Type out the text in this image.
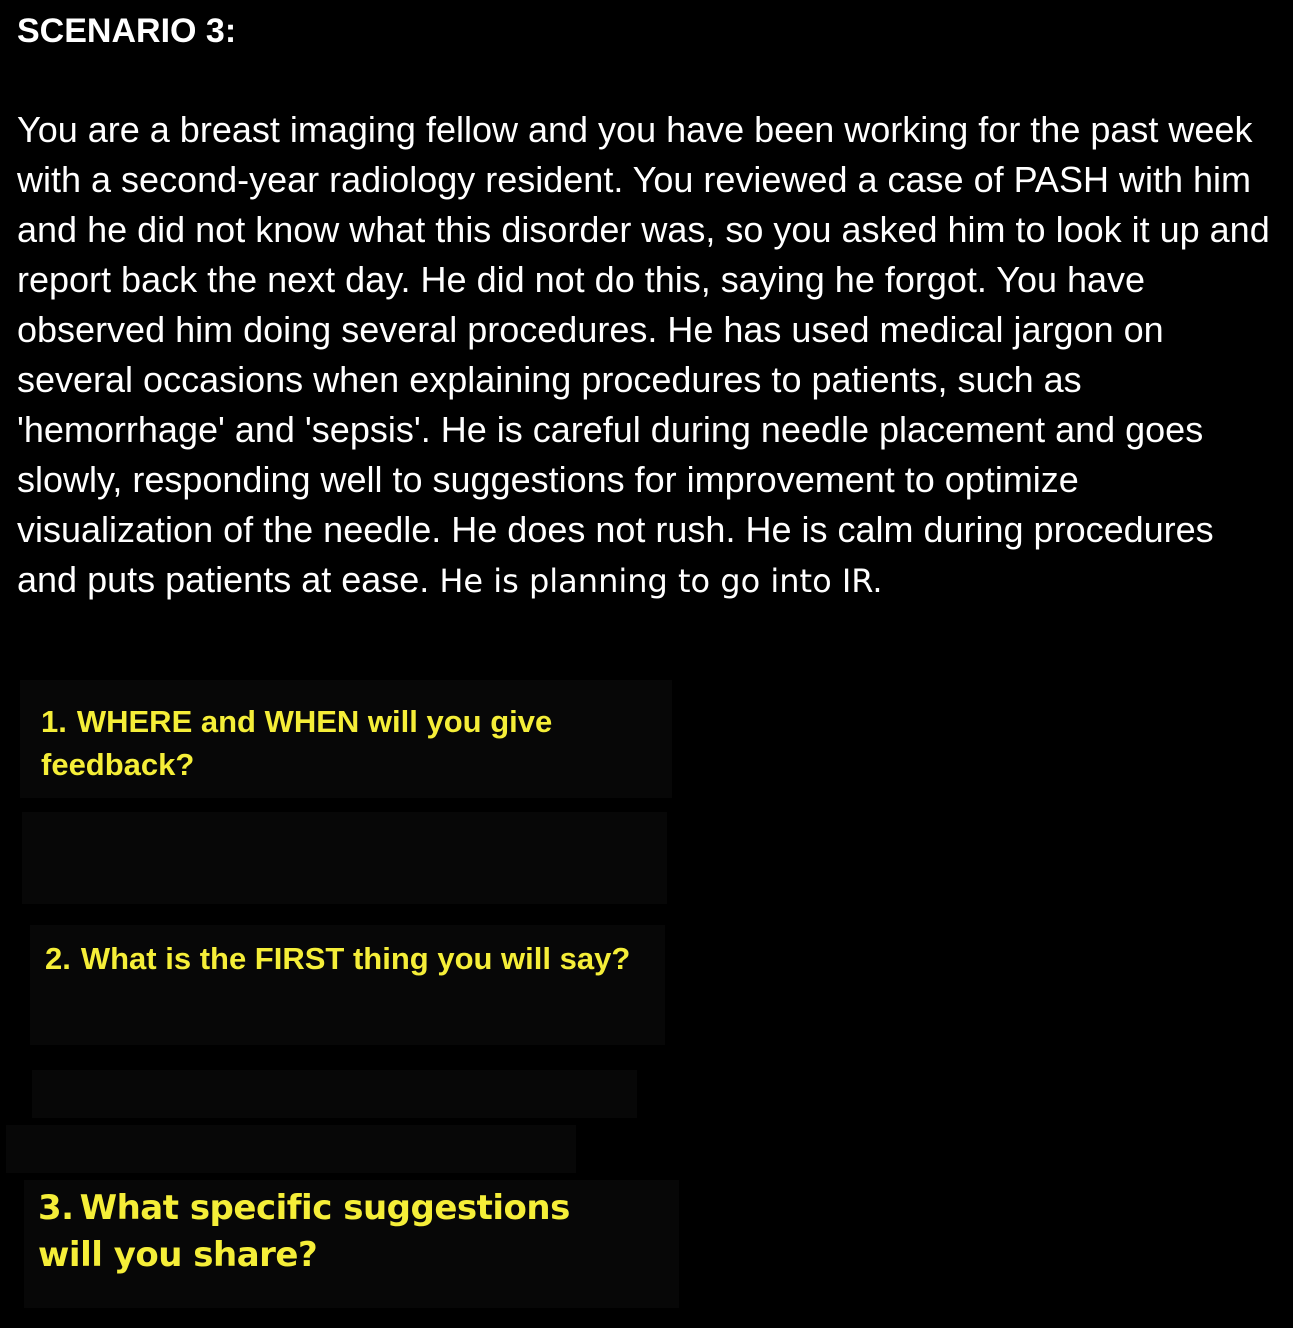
SCENARIO 3:

You are a breast imaging fellow and you have been working for the past week with a second-year radiology resident. You reviewed a case of PASH with him and he did not know what this disorder was, so you asked him to look it up and report back the next day. He did not do this, saying he forgot. You have observed him doing several procedures. He has used medical jargon on several occasions when explaining procedures to patients, such as 'hemorrhage' and 'sepsis'. He is careful during needle placement and goes slowly, responding well to suggestions for improvement to optimize visualization of the needle. He does not rush. He is calm during procedures and puts patients at ease. He is planning to go into IR.

1. WHERE and WHEN will you give feedback?

2. What is the FIRST thing you will say?

3. What specific suggestions will you share?
